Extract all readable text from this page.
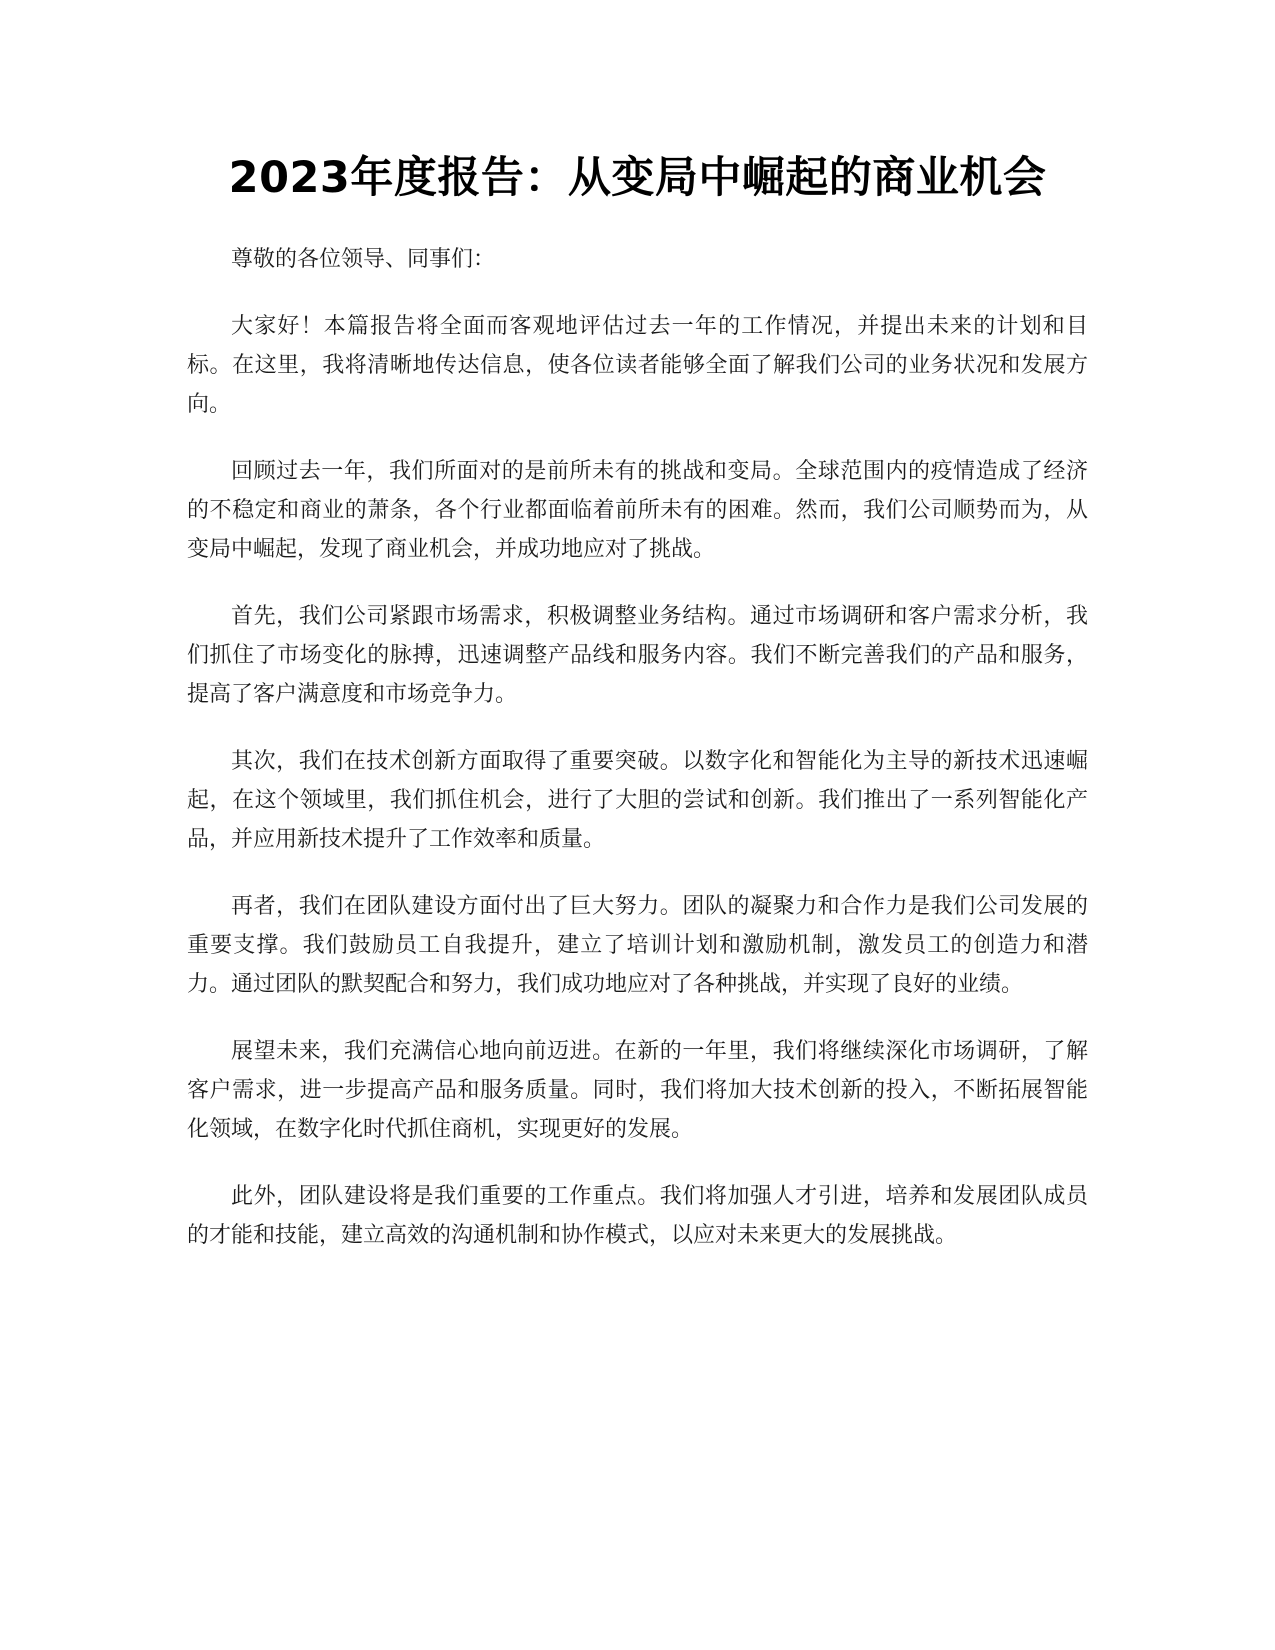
2023年度报告：从变局中崛起的商业机会

尊敬的各位领导、同事们：

大家好！本篇报告将全面而客观地评估过去一年的工作情况，并提出未来的计划和目标。在这里，我将清晰地传达信息，使各位读者能够全面了解我们公司的业务状况和发展方向。

回顾过去一年，我们所面对的是前所未有的挑战和变局。全球范围内的疫情造成了经济的不稳定和商业的萧条，各个行业都面临着前所未有的困难。然而，我们公司顺势而为，从变局中崛起，发现了商业机会，并成功地应对了挑战。

首先，我们公司紧跟市场需求，积极调整业务结构。通过市场调研和客户需求分析，我们抓住了市场变化的脉搏，迅速调整产品线和服务内容。我们不断完善我们的产品和服务，提高了客户满意度和市场竞争力。

其次，我们在技术创新方面取得了重要突破。以数字化和智能化为主导的新技术迅速崛起，在这个领域里，我们抓住机会，进行了大胆的尝试和创新。我们推出了一系列智能化产品，并应用新技术提升了工作效率和质量。

再者，我们在团队建设方面付出了巨大努力。团队的凝聚力和合作力是我们公司发展的重要支撑。我们鼓励员工自我提升，建立了培训计划和激励机制，激发员工的创造力和潜力。通过团队的默契配合和努力，我们成功地应对了各种挑战，并实现了良好的业绩。

展望未来，我们充满信心地向前迈进。在新的一年里，我们将继续深化市场调研，了解客户需求，进一步提高产品和服务质量。同时，我们将加大技术创新的投入，不断拓展智能化领域，在数字化时代抓住商机，实现更好的发展。

此外，团队建设将是我们重要的工作重点。我们将加强人才引进，培养和发展团队成员的才能和技能，建立高效的沟通机制和协作模式，以应对未来更大的发展挑战。
